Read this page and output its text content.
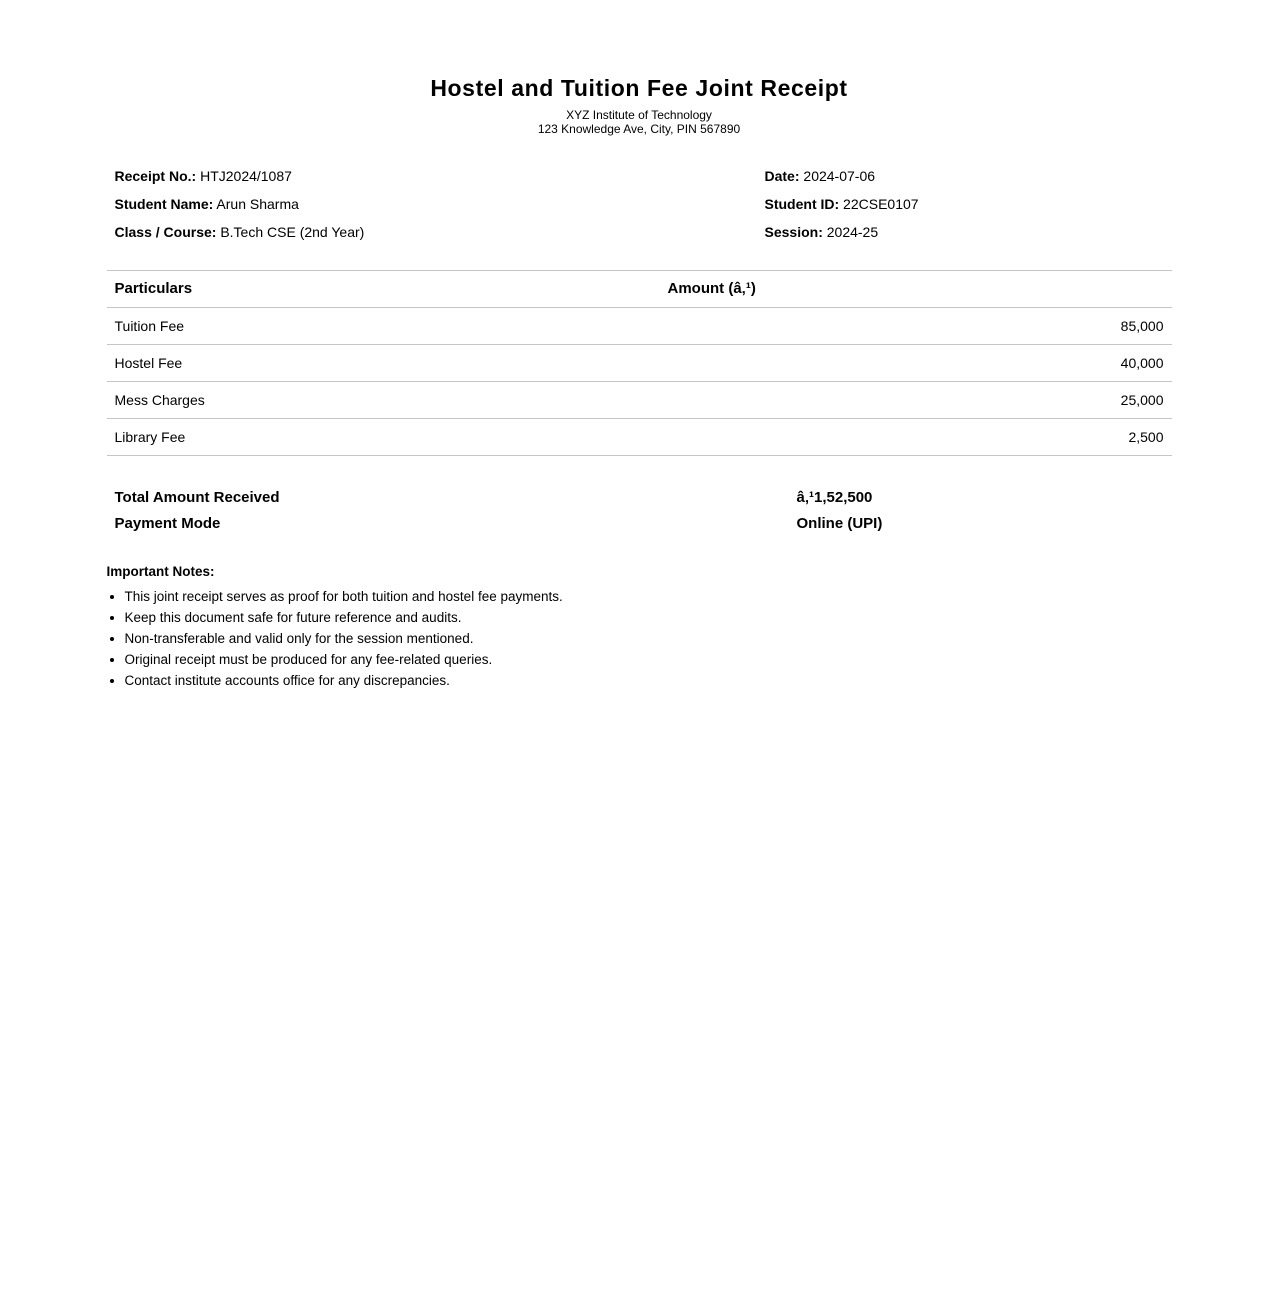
Hostel and Tuition Fee Joint Receipt
XYZ Institute of Technology
123 Knowledge Ave, City, PIN 567890
Receipt No.: HTJ2024/1087
Student Name: Arun Sharma
Class / Course: B.Tech CSE (2nd Year)
Date: 2024-07-06
Student ID: 22CSE0107
Session: 2024-25
Particulars	Amount (â‚¹)
Tuition Fee	85,000
Hostel Fee	40,000
Mess Charges	25,000
Library Fee	2,500
Total Amount Received	â‚¹1,52,500
Payment Mode	Online (UPI)
Important Notes:
• This joint receipt serves as proof for both tuition and hostel fee payments.
• Keep this document safe for future reference and audits.
• Non-transferable and valid only for the session mentioned.
• Original receipt must be produced for any fee-related queries.
• Contact institute accounts office for any discrepancies.
